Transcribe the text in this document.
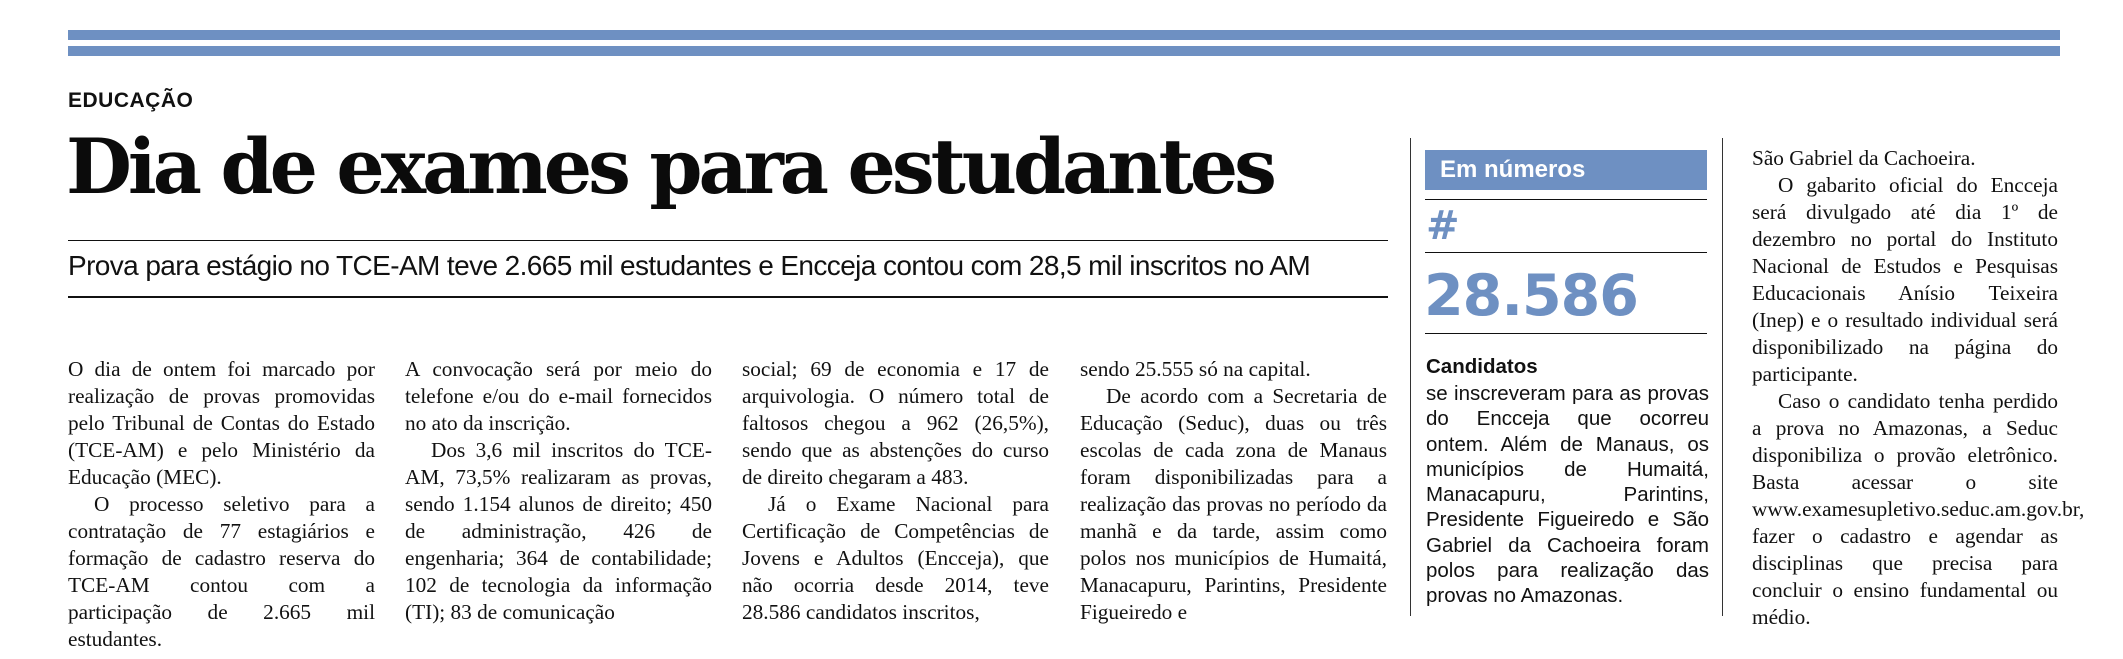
EDUCAÇÃO
Dia de exames para estudantes
Prova para estágio no TCE-AM teve 2.665 mil estudantes e Encceja contou com 28,5 mil inscritos no AM

O dia de ontem foi marcado por realização de provas promovidas pelo Tribunal de Contas do Estado (TCE-AM) e pelo Ministério da Educação (MEC).

O processo seletivo para a contratação de 77 estagiários e formação de cadastro reserva do TCE-AM contou com a participação de 2.665 mil estudantes.

A convocação será por meio do telefone e/ou do e-mail fornecidos no ato da inscrição.

Dos 3,6 mil inscritos do TCE-AM, 73,5% realizaram as provas, sendo 1.154 alunos de direito; 450 de administração, 426 de engenharia; 364 de contabilidade; 102 de tecnologia da informação (TI); 83 de comunicação

social; 69 de economia e 17 de arquivologia. O número total de faltosos chegou a 962 (26,5%), sendo que as abstenções do curso de direito chegaram a 483.

Já o Exame Nacional para Certificação de Competências de Jovens e Adultos (Encceja), que não ocorria desde 2014, teve 28.586 candidatos inscritos,

sendo 25.555 só na capital.

De acordo com a Secretaria de Educação (Seduc), duas ou três escolas de cada zona de Manaus foram disponibilizadas para a realização das provas no período da manhã e da tarde, assim como polos nos municípios de Humaitá, Manacapuru, Parintins, Presidente Figueiredo e

Em números
#
28.586
Candidatos
se inscreveram para as provas do Encceja que ocorreu ontem. Além de Manaus, os municípios de Humaitá, Manacapuru, Parintins, Presidente Figueiredo e São Gabriel da Cachoeira foram polos para realização das provas no Amazonas.

São Gabriel da Cachoeira.

O gabarito oficial do Encceja será divulgado até dia 1º de dezembro no portal do Instituto Nacional de Estudos e Pesquisas Educacionais Anísio Teixeira (Inep) e o resultado individual será disponibilizado na página do participante.

Caso o candidato tenha perdido a prova no Amazonas, a Seduc disponibiliza o provão eletrônico. Basta acessar o site www.examesupletivo.seduc.am.gov.br, fazer o cadastro e agendar as disciplinas que precisa para concluir o ensino fundamental ou médio.
